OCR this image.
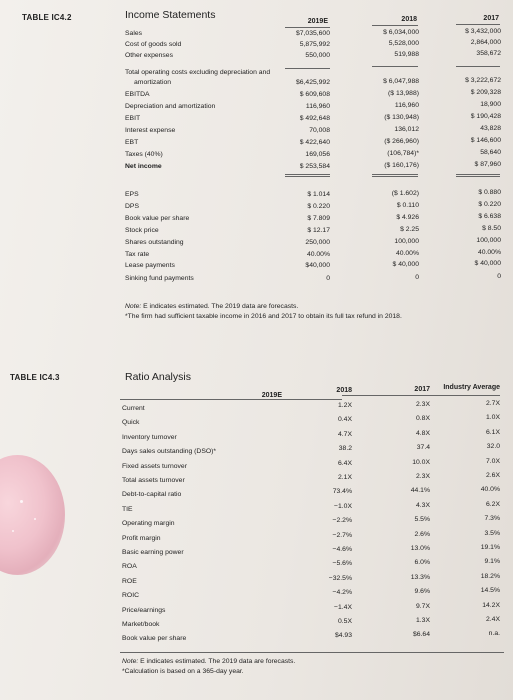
TABLE IC4.2	Income Statements
2019E	2018	2017
Sales	$7,035,600	$ 6,034,000	$ 3,432,000
Cost of goods sold	5,875,992	5,528,000	2,864,000
Other expenses	550,000	519,988	358,672
Total operating costs excluding depreciation and
amortization	$6,425,992	$ 6,047,988	$ 3,222,672
EBITDA	$ 609,608	($ 13,988)	$ 209,328
Depreciation and amortization	116,960	116,960	18,900
EBIT	$ 492,648	($ 130,948)	$ 190,428
Interest expense	70,008	136,012	43,828
EBT	$ 422,640	($ 266,960)	$ 146,600
Taxes (40%)	169,056	(106,784)*	58,640
Net income	$ 253,584	($ 160,176)	$ 87,960
EPS	$ 1.014	($ 1.602)	$ 0.880
DPS	$ 0.220	$ 0.110	$ 0.220
Book value per share	$ 7.809	$ 4.926	$ 6.638
Stock price	$ 12.17	$ 2.25	$ 8.50
Shares outstanding	250,000	100,000	100,000
Tax rate	40.00%	40.00%	40.00%
Lease payments	$40,000	$ 40,000	$ 40,000
Sinking fund payments	0	0	0
Note: E indicates estimated. The 2019 data are forecasts.
*The firm had sufficient taxable income in 2016 and 2017 to obtain its full tax refund in 2018.
TABLE IC4.3	Ratio Analysis
2019E
2018	2017	Industry Average
Current	1.2X	2.3X	2.7X
Quick	0.4X	0.8X	1.0X
Inventory turnover	4.7X	4.8X	6.1X
Days sales outstanding (DSO)*	38.2	37.4	32.0
Fixed assets turnover	6.4X	10.0X	7.0X
Total assets turnover	2.1X	2.3X	2.6X
Debt-to-capital ratio	73.4%	44.1%	40.0%
TIE	−1.0X	4.3X	6.2X
Operating margin	−2.2%	5.5%	7.3%
Profit margin	−2.7%	2.6%	3.5%
Basic earning power	−4.6%	13.0%	19.1%
ROA	−5.6%	6.0%	9.1%
ROE	−32.5%	13.3%	18.2%
ROIC	−4.2%	9.6%	14.5%
Price/earnings	−1.4X	9.7X	14.2X
Market/book	0.5X	1.3X	2.4X
Book value per share	$4.93	$6.64	n.a.
Note: E indicates estimated. The 2019 data are forecasts.
*Calculation is based on a 365-day year.
